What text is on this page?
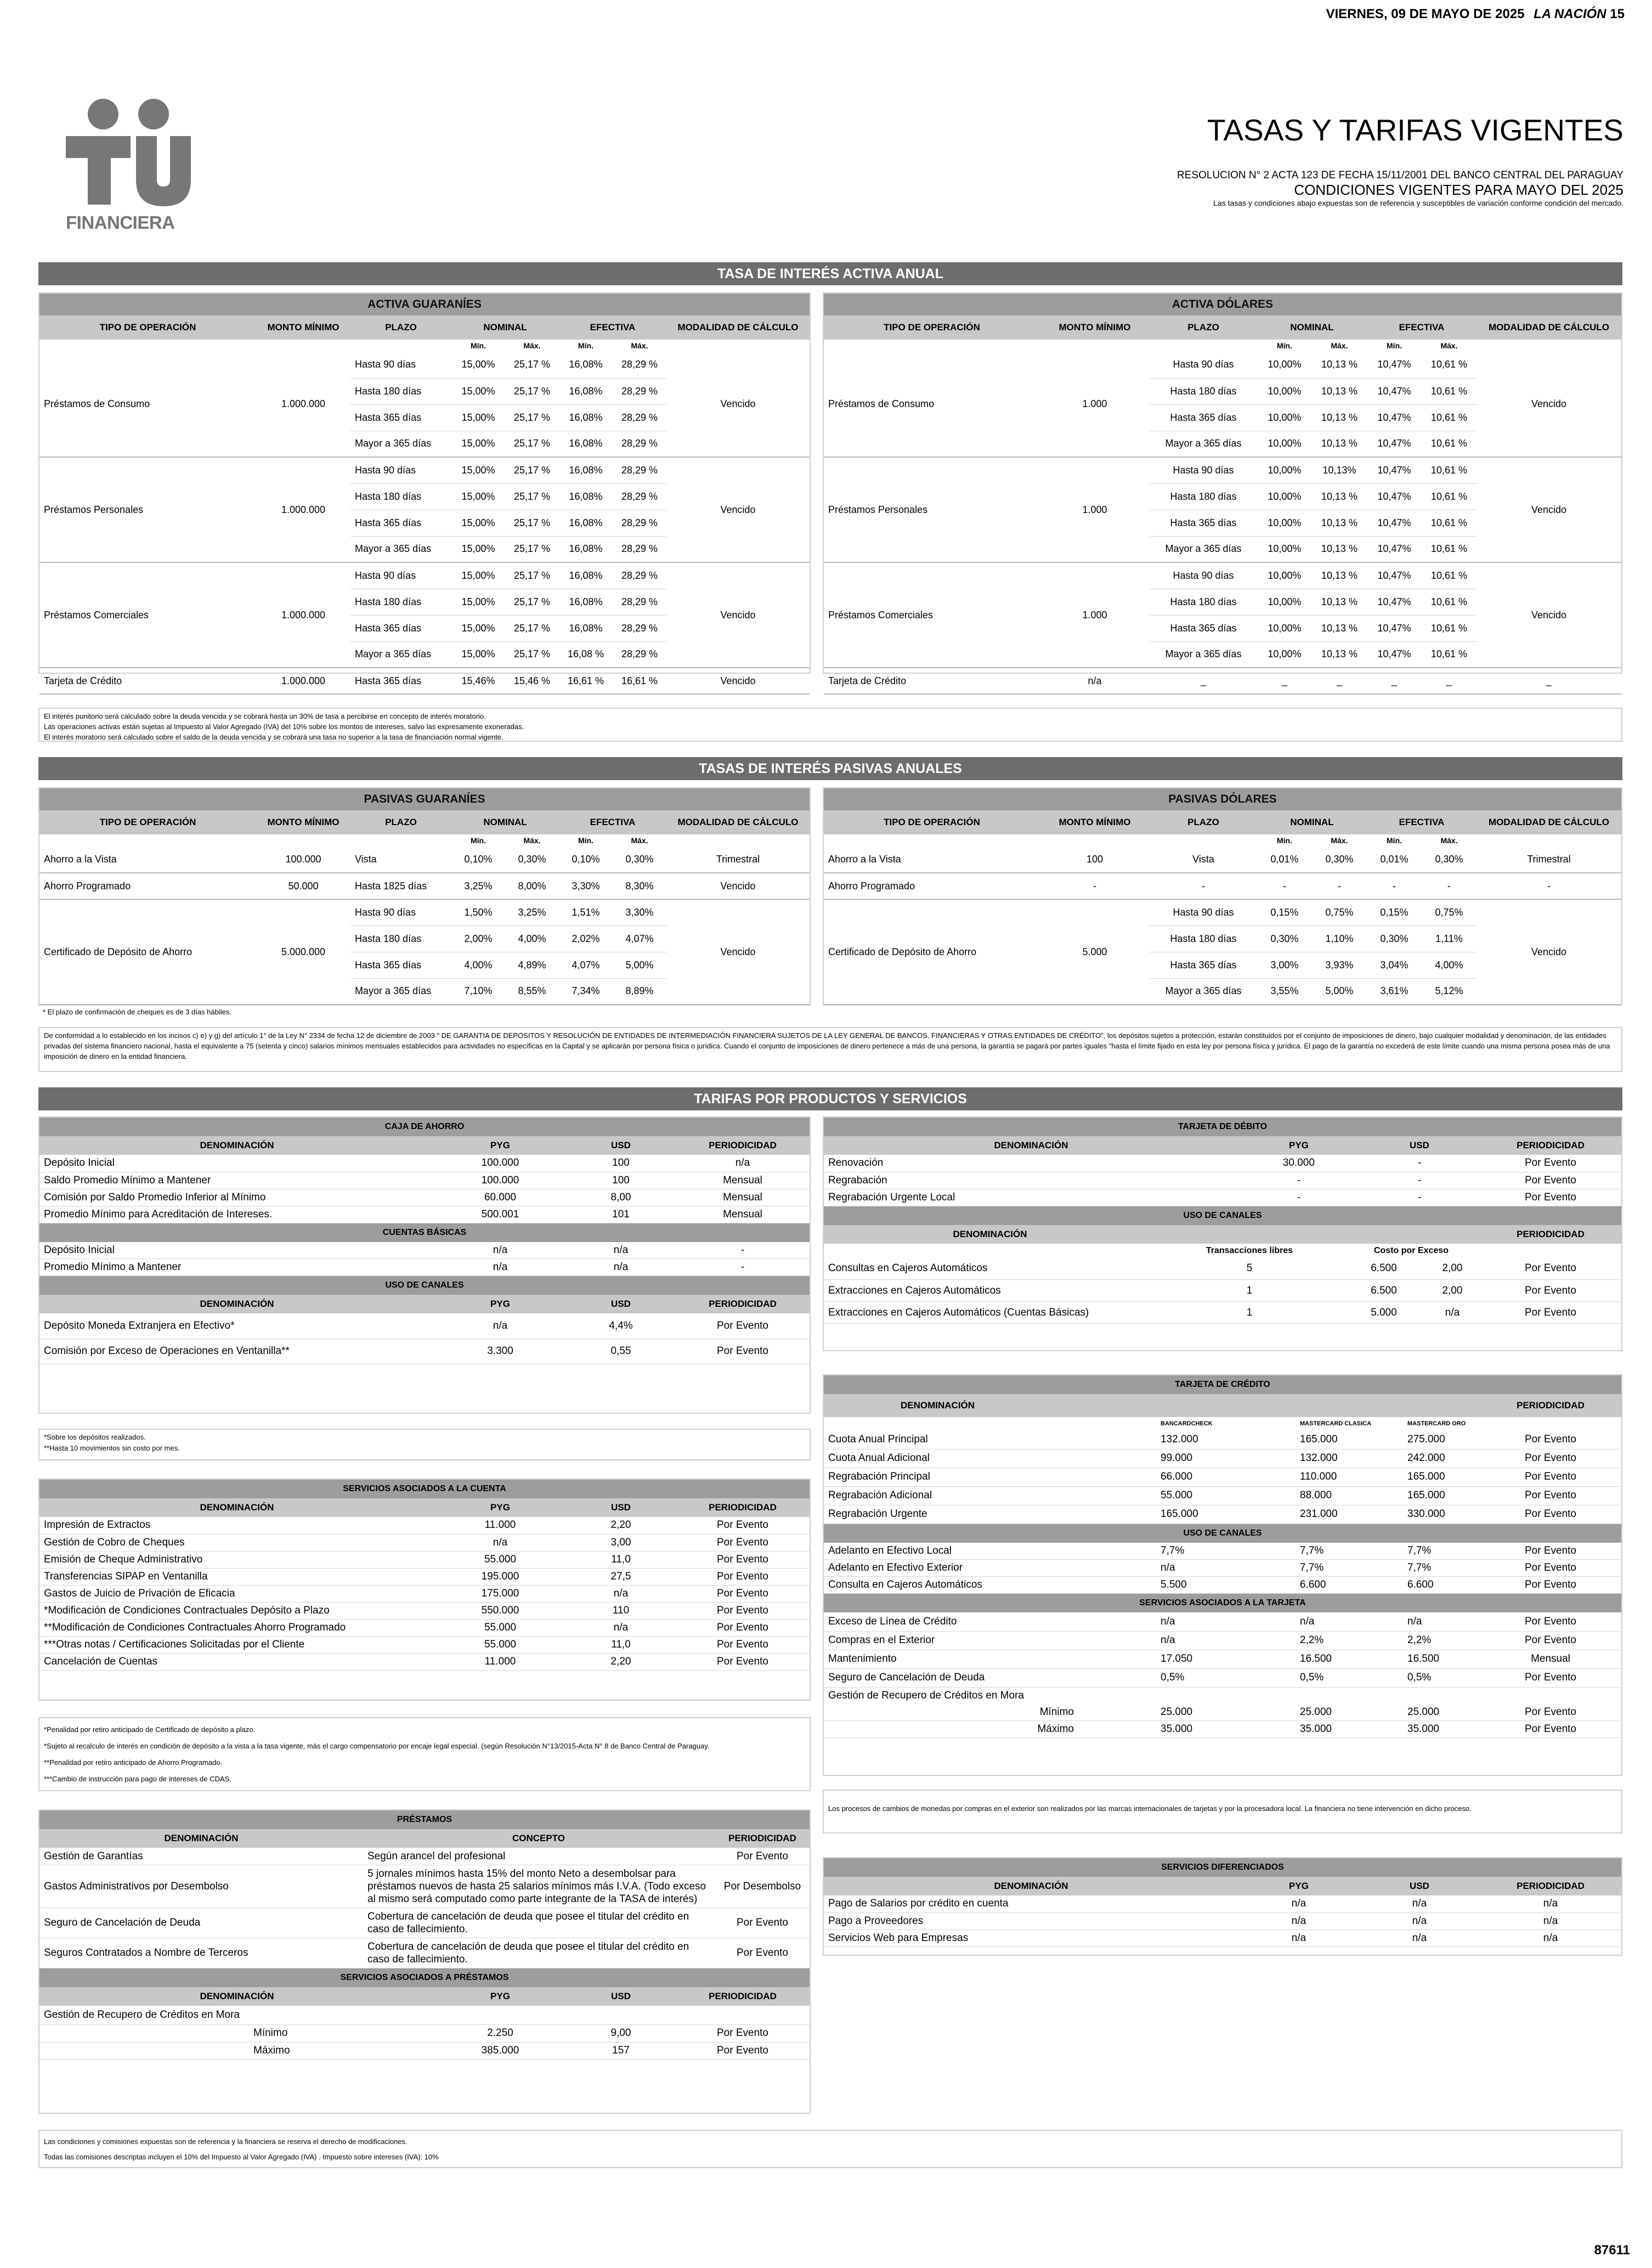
VIERNES, 09 DE MAYO DE 2025 LA NACIÓN 15
FINANCIERA
TASAS Y TARIFAS VIGENTES
RESOLUCION N° 2 ACTA 123 DE FECHA 15/11/2001 DEL BANCO CENTRAL DEL PARAGUAY
CONDICIONES VIGENTES PARA MAYO DEL 2025
Las tasas y condiciones abajo expuestas son de referencia y susceptibles de variación conforme condición del mercado.
TASA DE INTERÉS ACTIVA ANUAL
ACTIVA GUARANÍES
TIPO DE OPERACIÓN	MONTO MÍNIMO	PLAZO	NOMINAL		EFECTIVA		MODALIDAD DE CÁLCULO
			Mín.	Máx.	Mín.	Máx.	
Préstamos de Consumo	1.000.000	Hasta 90 días	15,00%	25,17 %	16,08%	28,29 %	Vencido
		Hasta 180 días	15,00%	25,17 %	16,08%	28,29 %	
		Hasta 365 días	15,00%	25,17 %	16,08%	28,29 %	
		Mayor a 365 días	15,00%	25,17 %	16,08%	28,29 %	
Préstamos Personales	1.000.000	Hasta 90 días	15,00%	25,17 %	16,08%	28,29 %	Vencido
		Hasta 180 días	15,00%	25,17 %	16,08%	28,29 %	
		Hasta 365 días	15,00%	25,17 %	16,08%	28,29 %	
		Mayor a 365 días	15,00%	25,17 %	16,08%	28,29 %	
Préstamos Comerciales	1.000.000	Hasta 90 días	15,00%	25,17 %	16,08%	28,29 %	Vencido
		Hasta 180 días	15,00%	25,17 %	16,08%	28,29 %	
		Hasta 365 días	15,00%	25,17 %	16,08%	28,29 %	
		Mayor a 365 días	15,00%	25,17 %	16,08 %	28,29 %	
Tarjeta de Crédito	1.000.000	Hasta 365 días	15,46%	15,46 %	16,61 %	16,61 %	Vencido
ACTIVA DÓLARES
TIPO DE OPERACIÓN	MONTO MÍNIMO	PLAZO	NOMINAL		EFECTIVA		MODALIDAD DE CÁLCULO
			Mín.	Máx.	Mín.	Máx.	
Préstamos de Consumo	1.000	Hasta 90 días	10,00%	10,13 %	10,47%	10,61 %	Vencido
		Hasta 180 días	10,00%	10,13 %	10,47%	10,61 %	
		Hasta 365 días	10,00%	10,13 %	10,47%	10,61 %	
		Mayor a 365 días	10,00%	10,13 %	10,47%	10,61 %	
Préstamos Personales	1.000	Hasta 90 días	10,00%	10,13%	10,47%	10,61 %	Vencido
		Hasta 180 días	10,00%	10,13 %	10,47%	10,61 %	
		Hasta 365 días	10,00%	10,13 %	10,47%	10,61 %	
		Mayor a 365 días	10,00%	10,13 %	10,47%	10,61 %	
Préstamos Comerciales	1.000	Hasta 90 días	10,00%	10,13 %	10,47%	10,61 %	Vencido
		Hasta 180 días	10,00%	10,13 %	10,47%	10,61 %	
		Hasta 365 días	10,00%	10,13 %	10,47%	10,61 %	
		Mayor a 365 días	10,00%	10,13 %	10,47%	10,61 %	
Tarjeta de Crédito	n/a	_	_	_	_	_	_
El interés punitorio será calculado sobre la deuda vencida y se cobrará hasta un 30% de tasa a percibirse en concepto de interés moratorio.
Las operaciones activas están sujetas al Impuesto al Valor Agregado (IVA) del 10% sobre los montos de intereses, salvo las expresamente exoneradas.
El interés moratorio será calculado sobre el saldo de la deuda vencida y se cobrará una tasa no superior a la tasa de financiación normal vigente.
TASAS DE INTERÉS PASIVAS ANUALES
PASIVAS GUARANÍES
TIPO DE OPERACIÓN	MONTO MÍNIMO	PLAZO	NOMINAL		EFECTIVA		MODALIDAD DE CÁLCULO
			Mín.	Máx.	Mín.	Máx.	
Ahorro a la Vista	100.000	Vista	0,10%	0,30%	0,10%	0,30%	Trimestral
Ahorro Programado	50.000	Hasta 1825 días	3,25%	8,00%	3,30%	8,30%	Vencido
Certificado de Depósito de Ahorro	5.000.000	Hasta 90 días	1,50%	3,25%	1,51%	3,30%	Vencido
		Hasta 180 días	2,00%	4,00%	2,02%	4,07%	
		Hasta 365 días	4,00%	4,89%	4,07%	5,00%	
		Mayor a 365 días	7,10%	8,55%	7,34%	8,89%	
PASIVAS DÓLARES
TIPO DE OPERACIÓN	MONTO MÍNIMO	PLAZO	NOMINAL		EFECTIVA		MODALIDAD DE CÁLCULO
			Mín.	Máx.	Mín.	Máx.	
Ahorro a la Vista	100	Vista	0,01%	0,30%	0,01%	0,30%	Trimestral
Ahorro Programado	-	-	-	-	-	-	-
Certificado de Depósito de Ahorro	5.000	Hasta 90 días	0,15%	0,75%	0,15%	0,75%	Vencido
		Hasta 180 días	0,30%	1,10%	0,30%	1,11%	
		Hasta 365 días	3,00%	3,93%	3,04%	4,00%	
		Mayor a 365 días	3,55%	5,00%	3,61%	5,12%	
* El plazo de confirmación de cheques es de 3 días hábiles.
De conformidad a lo establecido en los incisos c) e) y g) del artículo 1° de la Ley N° 2334 de fecha 12 de diciembre de 2003 " DE GARANTIA DE DEPOSITOS Y RESOLUCIÓN DE ENTIDADES DE INTERMEDIACIÓN FINANCIERA SUJETOS DE LA LEY GENERAL DE BANCOS, FINANCIERAS Y OTRAS ENTIDADES DE CRÉDITO", los depósitos sujetos a protección, estarán constituidos por el conjunto de imposiciones de dinero, bajo cualquier modalidad y denominación, de las entidades privadas del sistema financiero nacional, hasta el equivalente a 75 (setenta y cinco) salarios mínimos mensuales establecidos para actividades no específicas en la Capital y se aplicarán por persona física o jurídica. Cuando el conjunto de imposiciones de dinero pertenece a más de una persona, la garantía se pagará por partes iguales "hasta el límite fijado en esta ley por persona física y jurídica. El pago de la garantía no excederá de este límite cuando una misma persona posea más de una imposición de dinero en la entidad financiera.
TARIFAS POR PRODUCTOS Y SERVICIOS
CAJA DE AHORRO
DENOMINACIÓN	PYG	USD	PERIODICIDAD
Depósito Inicial	100.000	100	n/a
Saldo Promedio Mínimo a Mantener	100.000	100	Mensual
Comisión por Saldo Promedio Inferior al Mínimo	60.000	8,00	Mensual
Promedio Mínimo para Acreditación de Intereses.	500.001	101	Mensual
CUENTAS BÁSICAS
Depósito Inicial	n/a	n/a	-
Promedio Mínimo a Mantener	n/a	n/a	-
USO DE CANALES
DENOMINACIÓN	PYG	USD	PERIODICIDAD
Depósito Moneda Extranjera en Efectivo*	n/a	4,4%	Por Evento
Comisión por Exceso de Operaciones en Ventanilla**	3.300	0,55	Por Evento
*Sobre los depósitos realizados.
**Hasta 10 movimientos sin costo por mes.
SERVICIOS ASOCIADOS A LA CUENTA
DENOMINACIÓN	PYG	USD	PERIODICIDAD
Impresión de Extractos	11.000	2,20	Por Evento
Gestión de Cobro de Cheques	n/a	3,00	Por Evento
Emisión de Cheque Administrativo	55.000	11,0	Por Evento
Transferencias SIPAP en Ventanilla	195.000	27,5	Por Evento
Gastos de Juicio de Privación de Eficacia	175.000	n/a	Por Evento
*Modificación de Condiciones Contractuales Depósito a Plazo	550.000	110	Por Evento
**Modificación de Condiciones Contractuales Ahorro Programado	55.000	n/a	Por Evento
***Otras notas / Certificaciones Solicitadas por el Cliente	55.000	11,0	Por Evento
Cancelación de Cuentas	11.000	2,20	Por Evento
*Penalidad por retiro anticipado de Certificado de depósito a plazo.
*Sujeto al recalculo de interés en condición de depósito a la vista a la tasa vigente, más el cargo compensatorio por encaje legal especial. (según Resolución N°13/2015-Acta N° 8 de Banco Central de Paraguay.
**Penalidad por retiro anticipado de Ahorro Programado.
***Cambio de instrucción para pago de intereses de CDAS.
PRÉSTAMOS
DENOMINACIÓN	CONCEPTO	PERIODICIDAD
Gestión de Garantías	Según arancel del profesional	Por Evento
Gastos Administrativos por Desembolso	5 jornales mínimos hasta 15% del monto Neto a desembolsar para préstamos nuevos de hasta 25 salarios mínimos más I.V.A. (Todo exceso al mismo será computado como parte integrante de la TASA de interés)	Por Desembolso
Seguro de Cancelación de Deuda	Cobertura de cancelación de deuda que posee el titular del crédito en caso de fallecimiento.	Por Evento
Seguros Contratados a Nombre de Terceros	Cobertura de cancelación de deuda que posee el titular del crédito en caso de fallecimiento.	Por Evento
SERVICIOS ASOCIADOS A PRÉSTAMOS
DENOMINACIÓN	PYG	USD	PERIODICIDAD
Gestión de Recupero de Créditos en Mora
Mínimo	2.250	9,00	Por Evento
Máximo	385.000	157	Por Evento
Las condiciones y comisiones expuestas son de referencia y la financiera se reserva el derecho de modificaciones.
Todas las comisiones descriptas incluyen el 10% del Impuesto al Valor Agregado (IVA) . Impuesto sobre intereses (IVA): 10%
TARJETA DE DÉBITO
DENOMINACIÓN	PYG	USD	PERIODICIDAD
Renovación	30.000	-	Por Evento
Regrabación	-	-	Por Evento
Regrabación Urgente Local	-	-	Por Evento
USO DE CANALES
DENOMINACIÓN				PERIODICIDAD
	Transacciones libres	Costo por Exceso		
Consultas en Cajeros Automáticos	5	6.500	2,00	Por Evento
Extracciones en Cajeros Automáticos	1	6.500	2,00	Por Evento
Extracciones en Cajeros Automáticos (Cuentas Básicas)	1	5.000	n/a	Por Evento
TARJETA DE CRÉDITO
DENOMINACIÓN				PERIODICIDAD
	BANCARDCHECK	MASTERCARD CLASICA	MASTERCARD ORO	
Cuota Anual Principal	132.000	165.000	275.000	Por Evento
Cuota Anual Adicional	99.000	132.000	242.000	Por Evento
Regrabación Principal	66.000	110.000	165.000	Por Evento
Regrabación Adicional	55.000	88.000	165.000	Por Evento
Regrabación Urgente	165.000	231.000	330.000	Por Evento
USO DE CANALES
Adelanto en Efectivo Local	7,7%	7,7%	7,7%	Por Evento
Adelanto en Efectivo Exterior	n/a	7,7%	7,7%	Por Evento
Consulta en Cajeros Automáticos	5.500	6.600	6.600	Por Evento
SERVICIOS ASOCIADOS A LA TARJETA
Exceso de Línea de Crédito	n/a	n/a	n/a	Por Evento
Compras en el Exterior	n/a	2,2%	2,2%	Por Evento
Mantenimiento	17.050	16.500	16.500	Mensual
Seguro de Cancelación de Deuda	0,5%	0,5%	0,5%	Por Evento
Gestión de Recupero de Créditos en Mora
Mínimo	25.000	25.000	25.000	Por Evento
Máximo	35.000	35.000	35.000	Por Evento
Los procesos de cambios de monedas por compras en el exterior son realizados por las marcas internacionales de tarjetas y por la procesadora local. La financiera no tiene intervención en dicho proceso.
SERVICIOS DIFERENCIADOS
DENOMINACIÓN	PYG	USD	PERIODICIDAD
Pago de Salarios por crédito en cuenta	n/a	n/a	n/a
Pago a Proveedores	n/a	n/a	n/a
Servicios Web para Empresas	n/a	n/a	n/a
87611
